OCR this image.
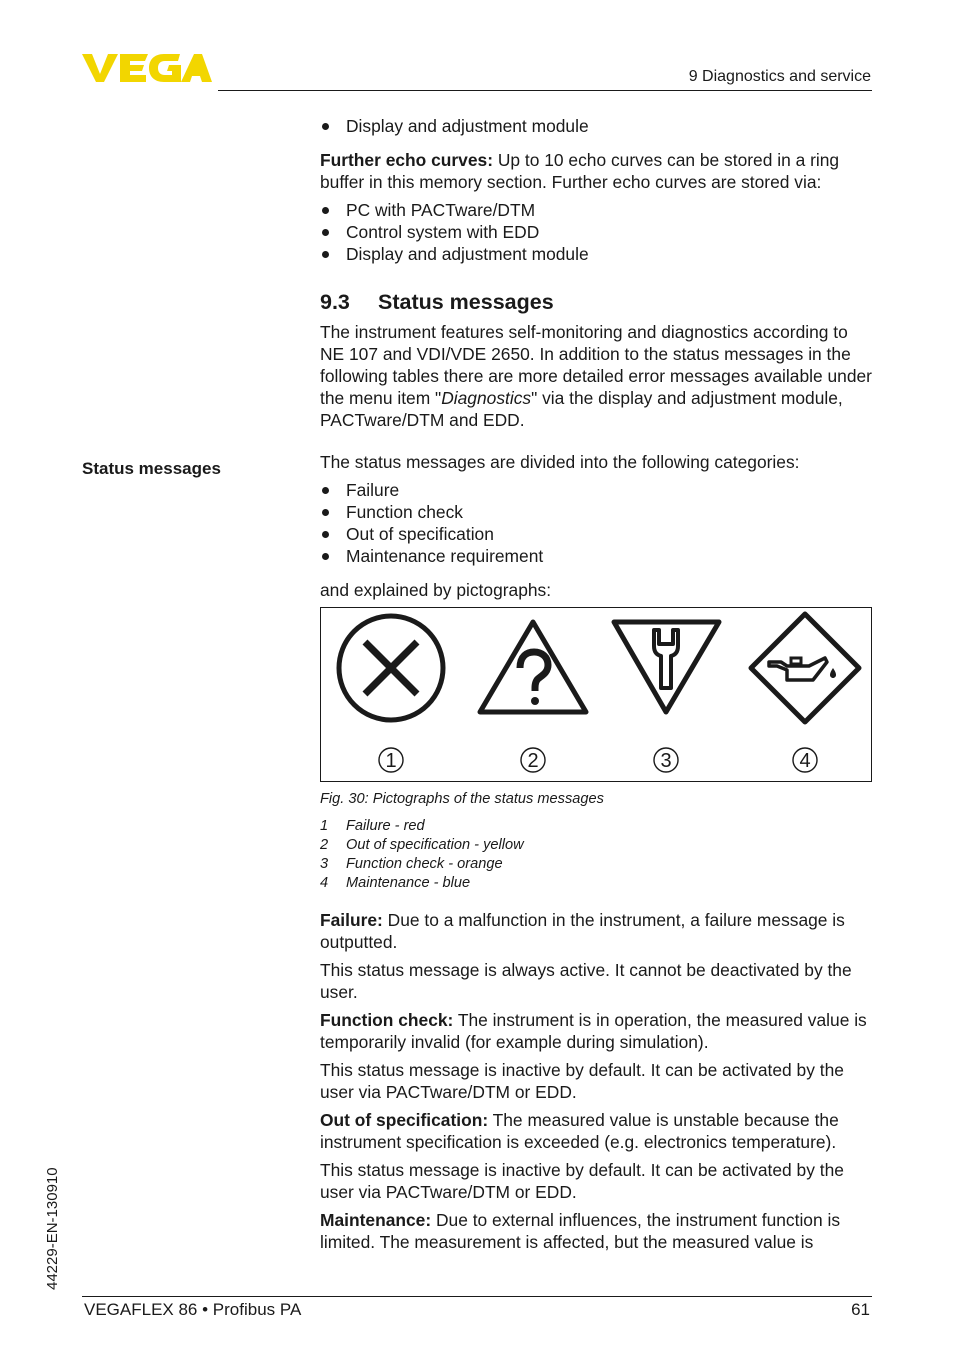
9 Diagnostics and service
Status messages
Display and adjustment module

Further echo curves: Up to 10 echo curves can be stored in a ring buffer in this memory section. Further echo curves are stored via:

PC with PACTware/DTM
Control system with EDD
Display and adjustment module
9.3 Status messages

The instrument features self-monitoring and diagnostics according to NE 107 and VDI/VDE 2650. In addition to the status messages in the following tables there are more detailed error messages available under the menu item "Diagnostics" via the display and adjustment module, PACTware/DTM and EDD.

The status messages are divided into the following categories:

Failure
Function check
Out of specification
Maintenance requirement

and explained by pictographs:

1	2	3	4
Fig. 30: Pictographs of the status messages
1	Failure - red
2	Out of specification - yellow
3	Function check - orange
4	Maintenance - blue

Failure: Due to a malfunction in the instrument, a failure message is outputted.

This status message is always active. It cannot be deactivated by the user.

Function check: The instrument is in operation, the measured value is temporarily invalid (for example during simulation).

This status message is inactive by default. It can be activated by the user via PACTware/DTM or EDD.

Out of specification: The measured value is unstable because the instrument specification is exceeded (e.g. electronics temperature).

This status message is inactive by default. It can be activated by the user via PACTware/DTM or EDD.

Maintenance: Due to external influences, the instrument function is limited. The measurement is affected, but the measured value is

44229-EN-130910
VEGAFLEX 86 • Profibus PA	61
